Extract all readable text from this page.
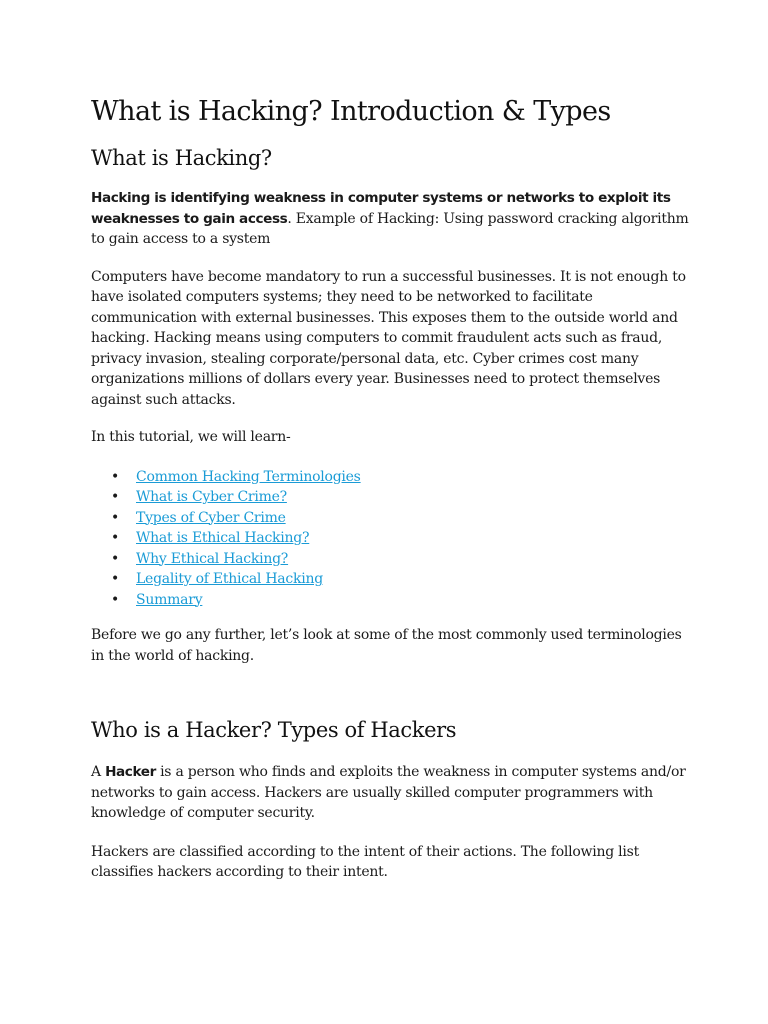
What is Hacking? Introduction & Types
What is Hacking?

Hacking is identifying weakness in computer systems or networks to exploit its weaknesses to gain access. Example of Hacking: Using password cracking algorithm to gain access to a system

Computers have become mandatory to run a successful businesses. It is not enough to have isolated computers systems; they need to be networked to facilitate communication with external businesses. This exposes them to the outside world and hacking. Hacking means using computers to commit fraudulent acts such as fraud, privacy invasion, stealing corporate/personal data, etc. Cyber crimes cost many organizations millions of dollars every year. Businesses need to protect themselves against such attacks.

In this tutorial, we will learn-

• Common Hacking Terminologies
• What is Cyber Crime?
• Types of Cyber Crime
• What is Ethical Hacking?
• Why Ethical Hacking?
• Legality of Ethical Hacking
• Summary

Before we go any further, let’s look at some of the most commonly used terminologies in the world of hacking.

Who is a Hacker? Types of Hackers

A Hacker is a person who finds and exploits the weakness in computer systems and/or networks to gain access. Hackers are usually skilled computer programmers with knowledge of computer security.

Hackers are classified according to the intent of their actions. The following list classifies hackers according to their intent.
